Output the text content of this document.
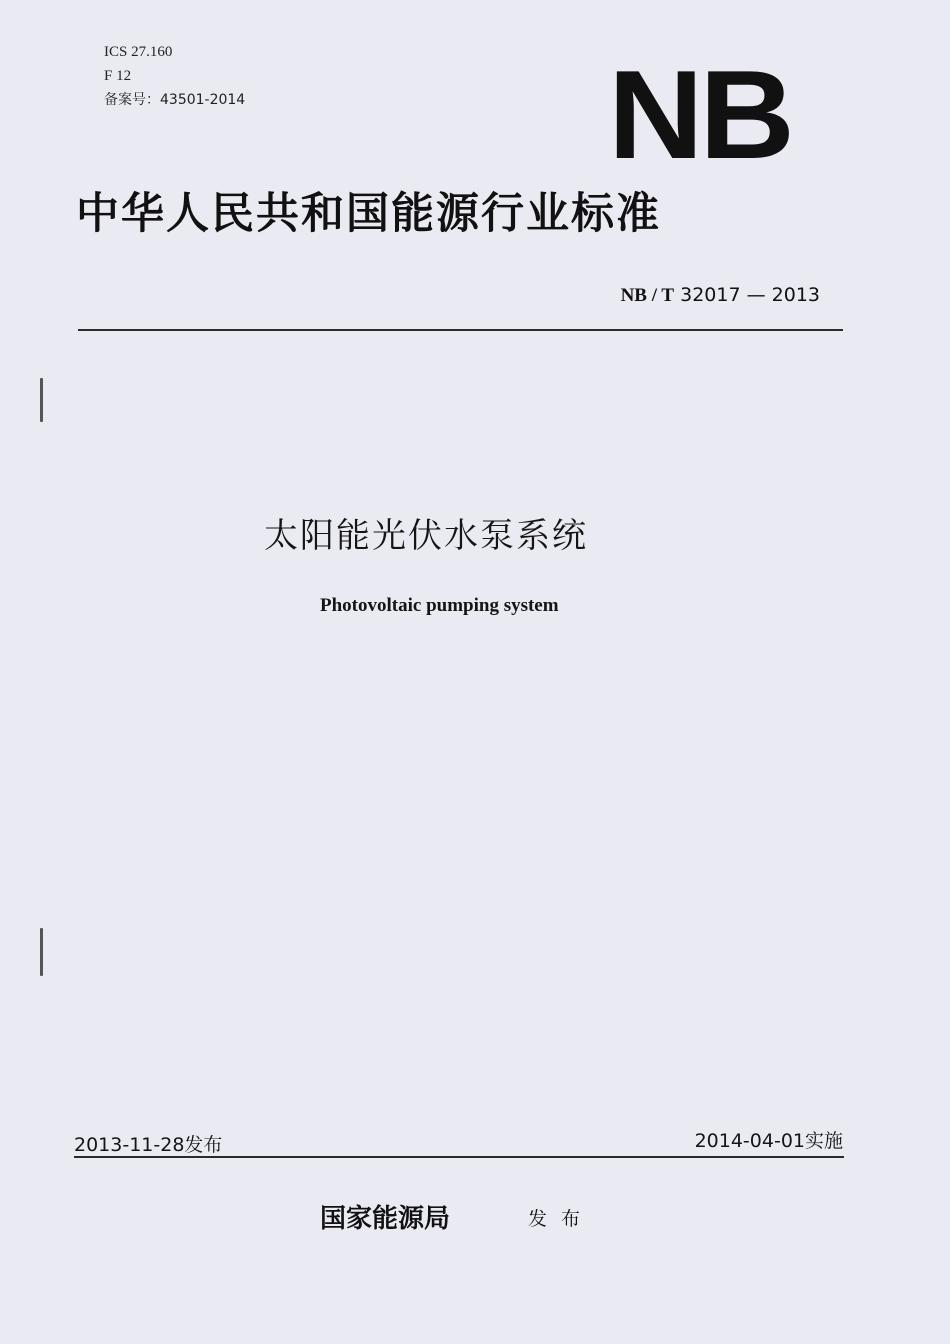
ICS 27.160
F 12
备案号：43501-2014	NB
中华人民共和国能源行业标准
NB / T 32017 — 2013
太阳能光伏水泵系统
Photovoltaic pumping system
2013-11-28发布	2014-04-01实施
国家能源局	发布
